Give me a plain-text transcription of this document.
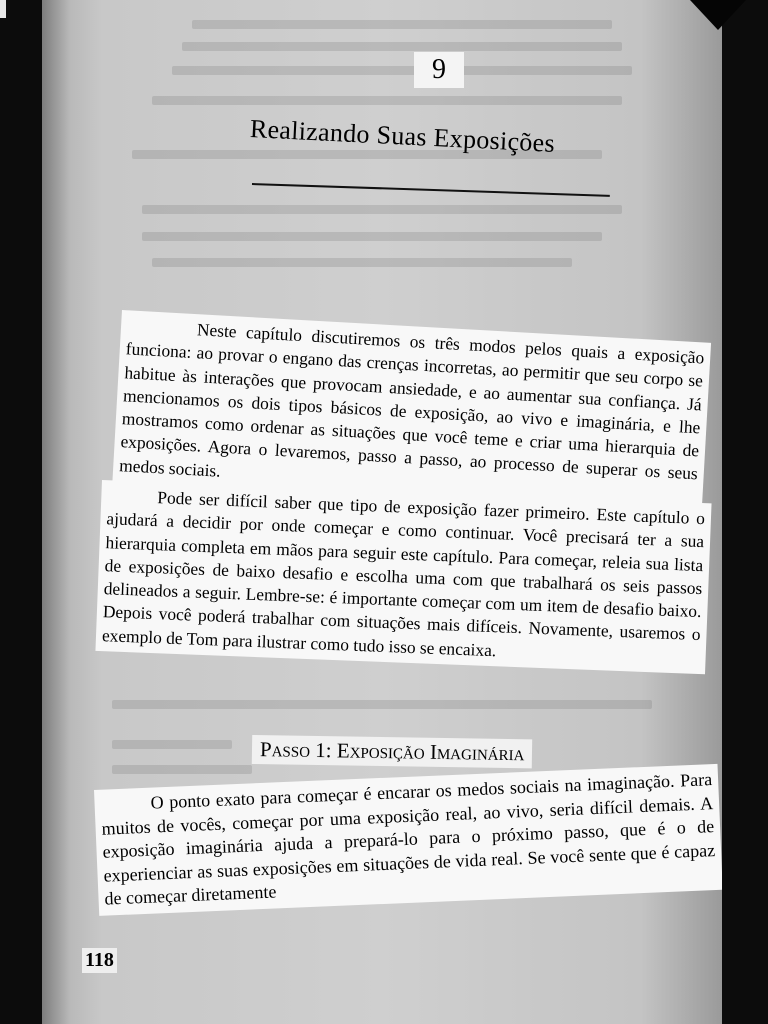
9
Realizando Suas Exposições

Neste capítulo discutiremos os três modos pelos quais a exposição funciona: ao provar o engano das crenças incorretas, ao permitir que seu corpo se habitue às interações que provocam ansiedade, e ao aumentar sua confiança. Já mencionamos os dois tipos básicos de exposição, ao vivo e imaginária, e lhe mostramos como ordenar as situações que você teme e criar uma hierarquia de exposições. Agora o levaremos, passo a passo, ao processo de superar os seus medos sociais.

Pode ser difícil saber que tipo de exposição fazer primeiro. Este capítulo o ajudará a decidir por onde começar e como continuar. Você precisará ter a sua hierarquia completa em mãos para seguir este capítulo. Para começar, releia sua lista de exposições de baixo desafio e escolha uma com que trabalhará os seis passos delineados a seguir. Lembre-se: é importante começar com um item de desafio baixo. Depois você poderá trabalhar com situações mais difíceis. Novamente, usaremos o exemplo de Tom para ilustrar como tudo isso se encaixa.

Passo 1: Exposição Imaginária

O ponto exato para começar é encarar os medos sociais na imaginação. Para muitos de vocês, começar por uma exposição real, ao vivo, seria difícil demais. A exposição imaginária ajuda a prepará-lo para o próximo passo, que é o de experienciar as suas exposições em situações de vida real. Se você sente que é capaz de começar diretamente

118
